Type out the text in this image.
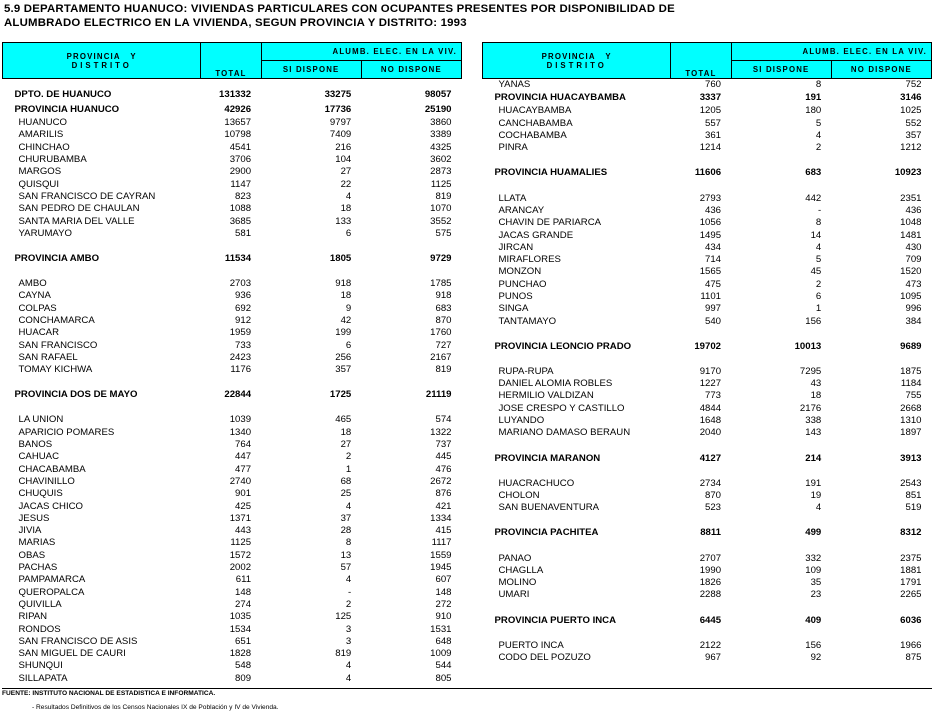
5.9 DEPARTAMENTO HUANUCO: VIVIENDAS PARTICULARES CON OCUPANTES PRESENTES POR DISPONIBILIDAD DE
ALUMBRADO ELECTRICO EN LA VIVIENDA, SEGUN PROVINCIA Y DISTRITO: 1993
PROVINCIA   Y
DISTRITO	TOTAL	ALUMB. ELEC. EN LA VIV.	
		SI DISPONE	NO DISPONE
DPTO. DE HUANUCO	131332	33275	98057
PROVINCIA HUANUCO	42926	17736	25190
HUANUCO	13657	9797	3860
AMARILIS	10798	7409	3389
CHINCHAO	4541	216	4325
CHURUBAMBA	3706	104	3602
MARGOS	2900	27	2873
QUISQUI	1147	22	1125
SAN FRANCISCO DE CAYRAN	823	4	819
SAN PEDRO DE CHAULAN	1088	18	1070
SANTA MARIA DEL VALLE	3685	133	3552
YARUMAYO	581	6	575

PROVINCIA AMBO	11534	1805	9729

AMBO	2703	918	1785
CAYNA	936	18	918
COLPAS	692	9	683
CONCHAMARCA	912	42	870
HUACAR	1959	199	1760
SAN FRANCISCO	733	6	727
SAN RAFAEL	2423	256	2167
TOMAY KICHWA	1176	357	819

PROVINCIA DOS DE MAYO	22844	1725	21119

LA UNION	1039	465	574
APARICIO POMARES	1340	18	1322
BANOS	764	27	737
CAHUAC	447	2	445
CHACABAMBA	477	1	476
CHAVINILLO	2740	68	2672
CHUQUIS	901	25	876
JACAS CHICO	425	4	421
JESUS	1371	37	1334
JIVIA	443	28	415
MARIAS	1125	8	1117
OBAS	1572	13	1559
PACHAS	2002	57	1945
PAMPAMARCA	611	4	607
QUEROPALCA	148	-	148
QUIVILLA	274	2	272
RIPAN	1035	125	910
RONDOS	1534	3	1531
SAN FRANCISCO DE ASIS	651	3	648
SAN MIGUEL DE CAURI	1828	819	1009
SHUNQUI	548	4	544
SILLAPATA	809	4	805
PROVINCIA   Y
DISTRITO	TOTAL	ALUMB. ELEC. EN LA VIV.	
		SI DISPONE	NO DISPONE
YANAS	760	8	752
PROVINCIA HUACAYBAMBA	3337	191	3146
HUACAYBAMBA	1205	180	1025
CANCHABAMBA	557	5	552
COCHABAMBA	361	4	357
PINRA	1214	2	1212

PROVINCIA HUAMALIES	11606	683	10923

LLATA	2793	442	2351
ARANCAY	436	-	436
CHAVIN DE PARIARCA	1056	8	1048
JACAS GRANDE	1495	14	1481
JIRCAN	434	4	430
MIRAFLORES	714	5	709
MONZON	1565	45	1520
PUNCHAO	475	2	473
PUNOS	1101	6	1095
SINGA	997	1	996
TANTAMAYO	540	156	384

PROVINCIA LEONCIO PRADO	19702	10013	9689

RUPA-RUPA	9170	7295	1875
DANIEL ALOMIA ROBLES	1227	43	1184
HERMILIO VALDIZAN	773	18	755
JOSE CRESPO Y CASTILLO	4844	2176	2668
LUYANDO	1648	338	1310
MARIANO DAMASO BERAUN	2040	143	1897

PROVINCIA MARANON	4127	214	3913

HUACRACHUCO	2734	191	2543
CHOLON	870	19	851
SAN BUENAVENTURA	523	4	519

PROVINCIA PACHITEA	8811	499	8312

PANAO	2707	332	2375
CHAGLLA	1990	109	1881
MOLINO	1826	35	1791
UMARI	2288	23	2265

PROVINCIA PUERTO INCA	6445	409	6036

PUERTO INCA	2122	156	1966
CODO DEL POZUZO	967	92	875
FUENTE: INSTITUTO NACIONAL DE ESTADISTICA E INFORMATICA.
- Resultados Definitivos de los Censos Nacionales IX de Población y IV de Vivienda.
